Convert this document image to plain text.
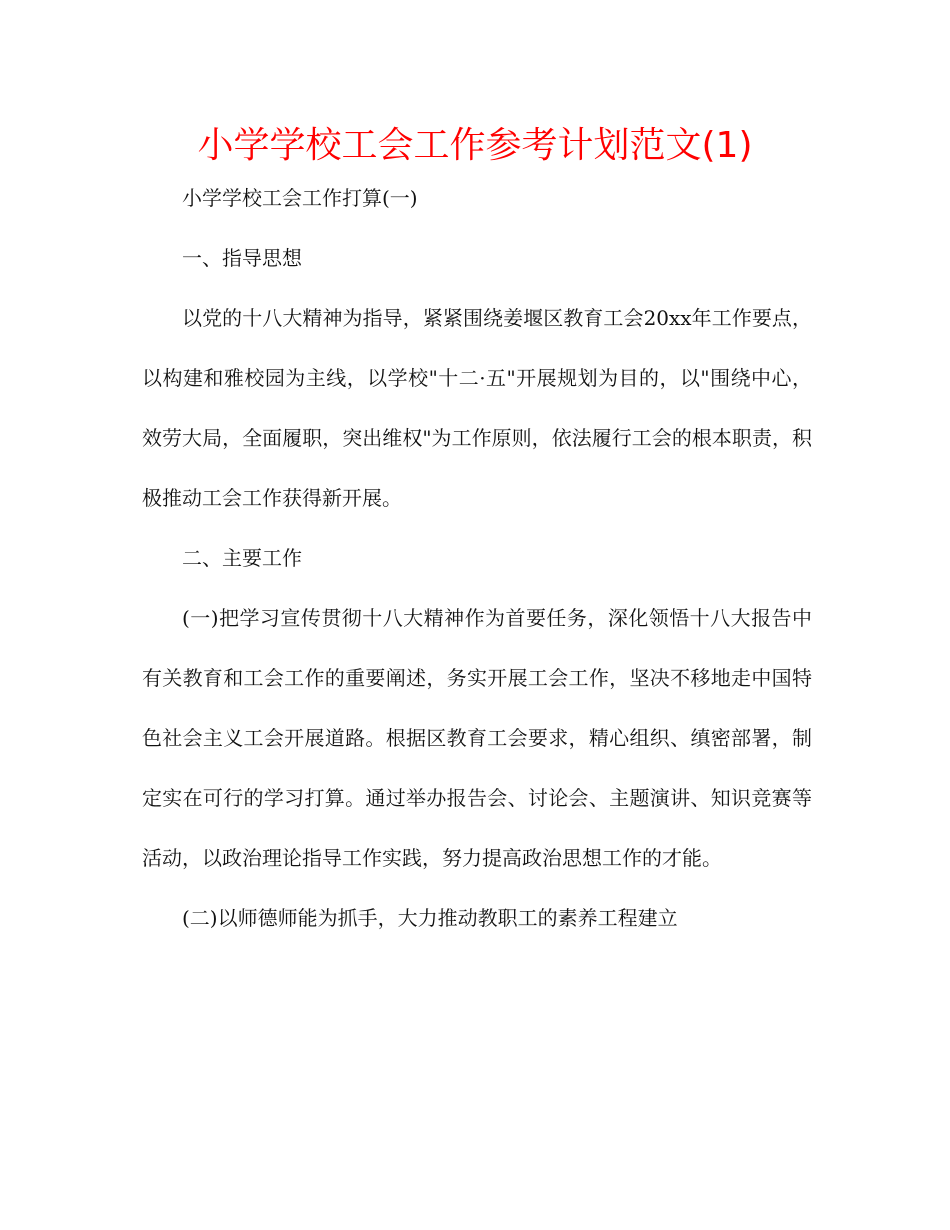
小学学校工会工作参考计划范文(1)

小学学校工会工作打算(一)

一、指导思想

以党的十八大精神为指导，紧紧围绕姜堰区教育工会20xx年工作要点，以构建和雅校园为主线，以学校"十二·五"开展规划为目的，以"围绕中心，效劳大局，全面履职，突出维权"为工作原则，依法履行工会的根本职责，积极推动工会工作获得新开展。

二、主要工作

(一)把学习宣传贯彻十八大精神作为首要任务，深化领悟十八大报告中有关教育和工会工作的重要阐述，务实开展工会工作，坚决不移地走中国特色社会主义工会开展道路。根据区教育工会要求，精心组织、缜密部署，制定实在可行的学习打算。通过举办报告会、讨论会、主题演讲、知识竞赛等活动，以政治理论指导工作实践，努力提高政治思想工作的才能。

(二)以师德师能为抓手，大力推动教职工的素养工程建立
